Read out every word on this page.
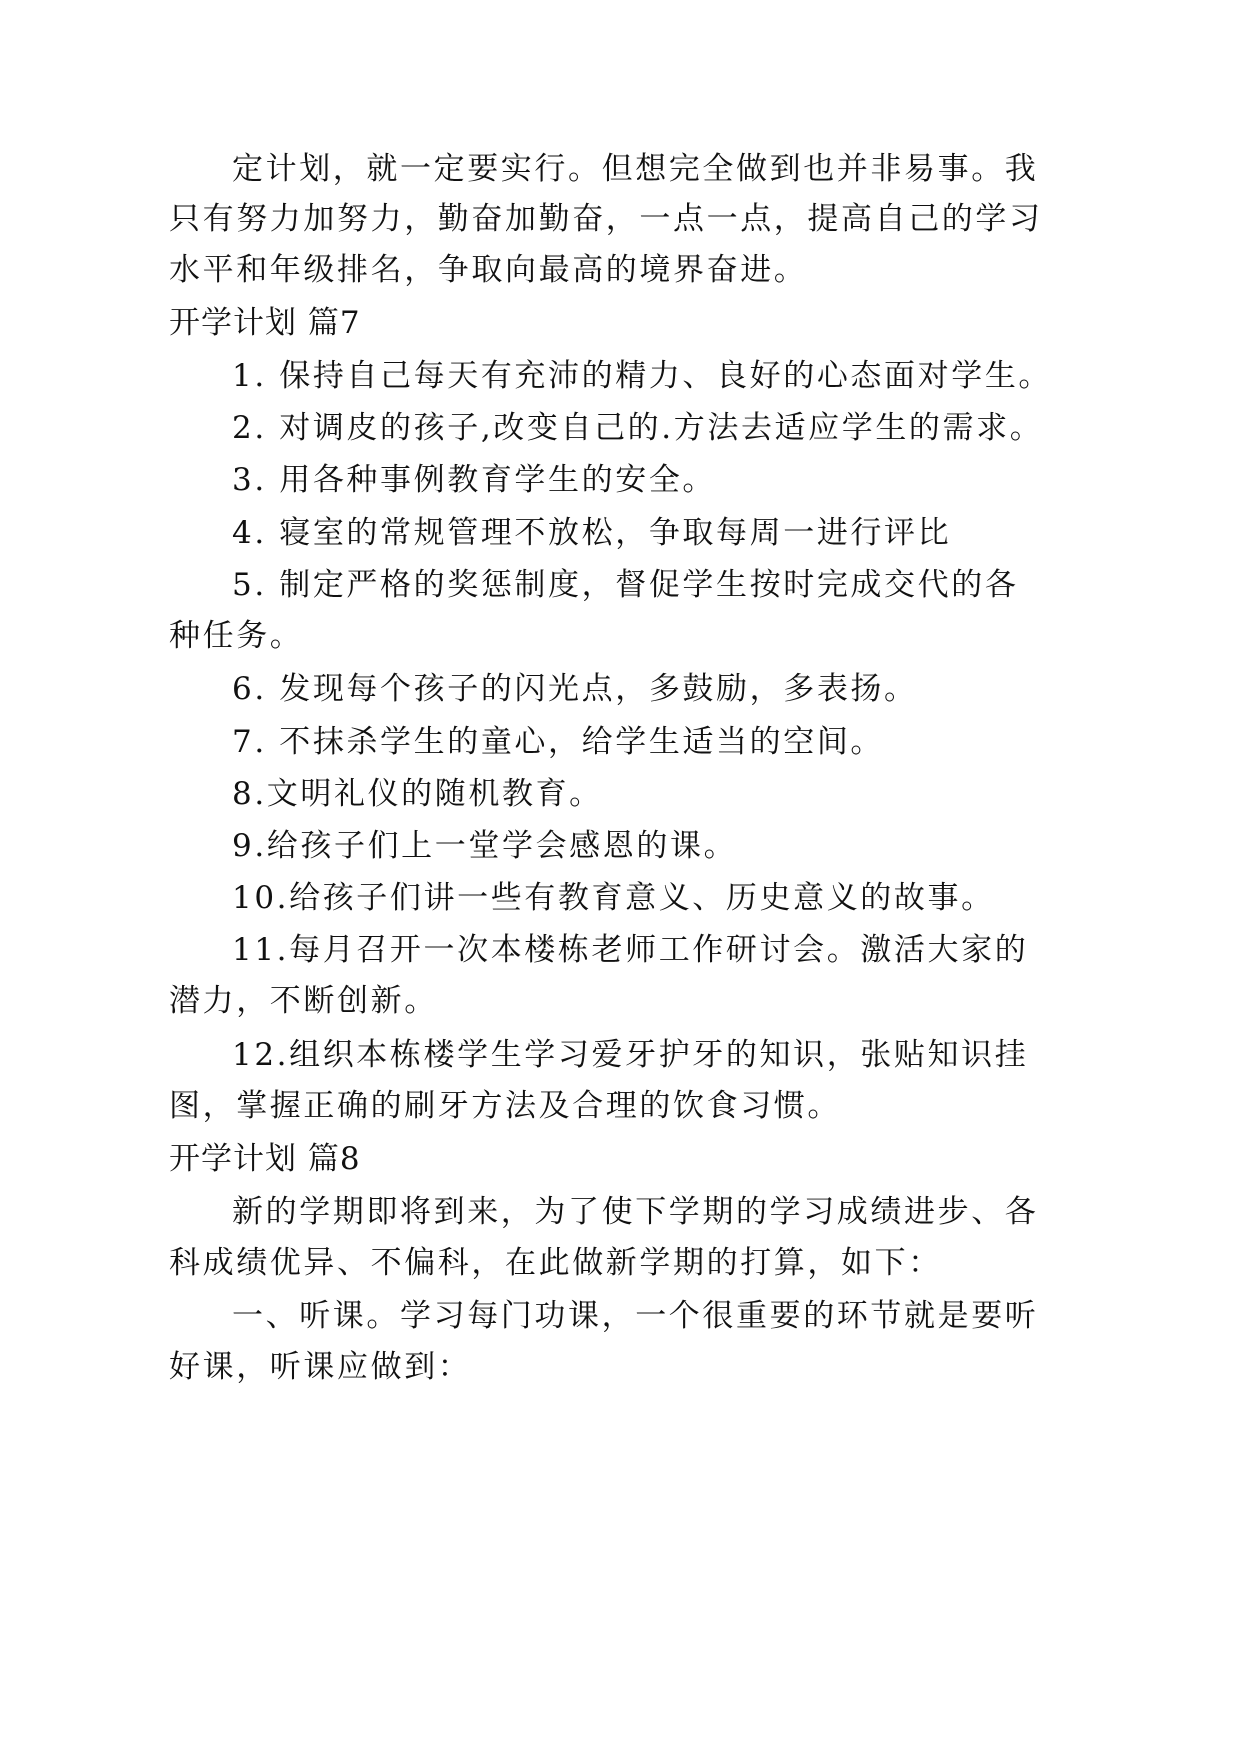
定计划，就一定要实行。但想完全做到也并非易事。我
只有努力加努力，勤奋加勤奋，一点一点，提高自己的学习
水平和年级排名，争取向最高的境界奋进。
开学计划 篇7
1. 保持自己每天有充沛的精力、良好的心态面对学生。
2. 对调皮的孩子,改变自己的.方法去适应学生的需求。
3. 用各种事例教育学生的安全。
4. 寝室的常规管理不放松，争取每周一进行评比
5. 制定严格的奖惩制度，督促学生按时完成交代的各
种任务。
6. 发现每个孩子的闪光点，多鼓励，多表扬。
7. 不抹杀学生的童心，给学生适当的空间。
8.文明礼仪的随机教育。
9.给孩子们上一堂学会感恩的课。
10.给孩子们讲一些有教育意义、历史意义的故事。
11.每月召开一次本楼栋老师工作研讨会。激活大家的
潜力，不断创新。
12.组织本栋楼学生学习爱牙护牙的知识，张贴知识挂
图，掌握正确的刷牙方法及合理的饮食习惯。
开学计划 篇8
新的学期即将到来，为了使下学期的学习成绩进步、各
科成绩优异、不偏科，在此做新学期的打算，如下：
一、听课。学习每门功课，一个很重要的环节就是要听
好课，听课应做到：
